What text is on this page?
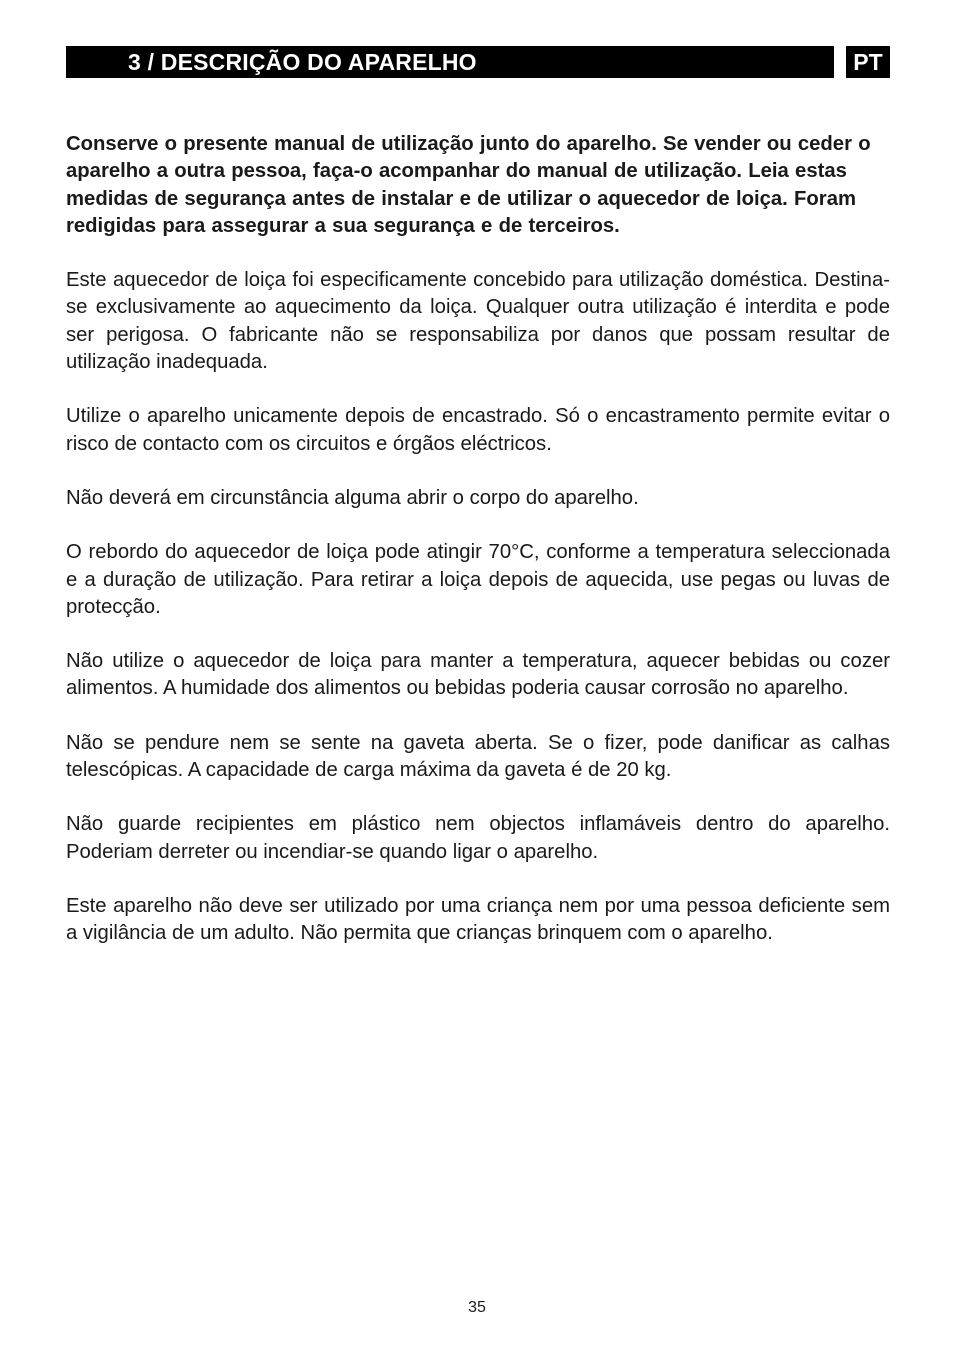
3 / DESCRIÇÃO DO APARELHO	PT

Conserve o presente manual de utilização junto do aparelho. Se vender ou ceder o aparelho a outra pessoa, faça-o acompanhar do manual de utilização. Leia estas medidas de segurança antes de instalar e de utilizar o aquecedor de loiça. Foram redigidas para assegurar a sua segurança e de terceiros.

Este aquecedor de loiça foi especificamente concebido para utilização doméstica. Destina-se exclusivamente ao aquecimento da loiça. Qualquer outra utilização é interdita e pode ser perigosa. O fabricante não se responsabiliza por danos que possam resultar de utilização inadequada.

Utilize o aparelho unicamente depois de encastrado. Só o encastramento permite evitar o risco de contacto com os circuitos e órgãos eléctricos.

Não deverá em circunstância alguma abrir o corpo do aparelho.

O rebordo do aquecedor de loiça pode atingir 70°C, conforme a temperatura seleccionada e a duração de utilização. Para retirar a loiça depois de aquecida, use pegas ou luvas de protecção.

Não utilize o aquecedor de loiça para manter a temperatura, aquecer bebidas ou cozer alimentos. A humidade dos alimentos ou bebidas poderia causar corrosão no aparelho.

Não se pendure nem se sente na gaveta aberta. Se o fizer, pode danificar as calhas telescópicas. A capacidade de carga máxima da gaveta é de 20 kg.

Não guarde recipientes em plástico nem objectos inflamáveis dentro do aparelho. Poderiam derreter ou incendiar-se quando ligar o aparelho.

Este aparelho não deve ser utilizado por uma criança nem por uma pessoa deficiente sem a vigilância de um adulto. Não permita que crianças brinquem com o aparelho.

35
